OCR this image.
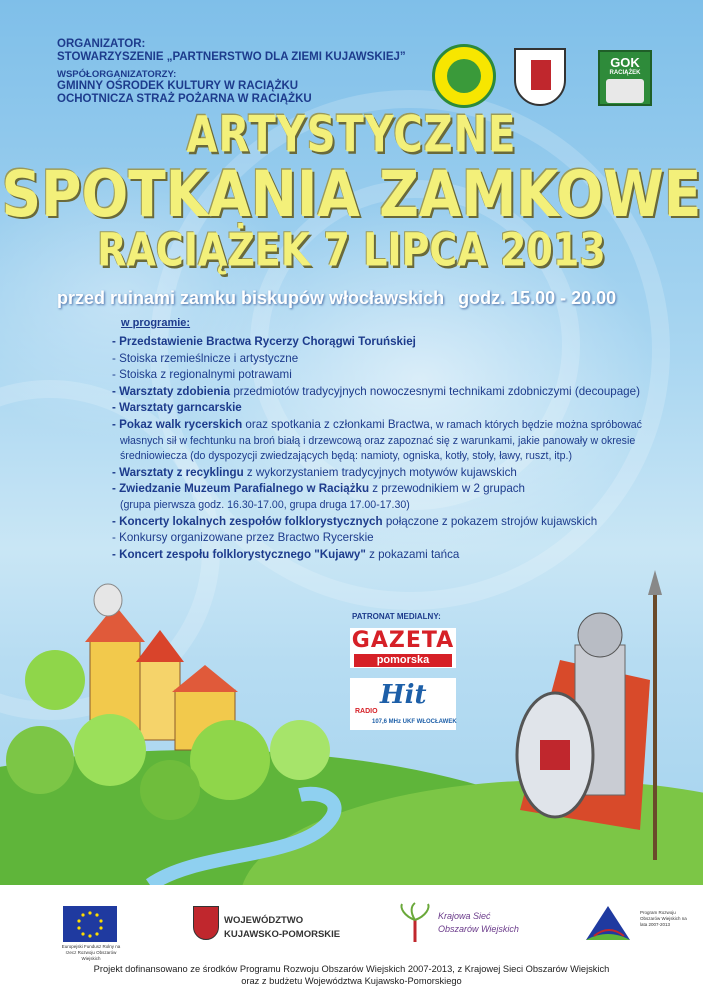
ORGANIZATOR:
STOWARZYSZENIE „PARTNERSTWO DLA ZIEMI KUJAWSKIEJ”
WSPÓŁORGANIZATORZY:
GMINNY OŚRODEK KULTURY W RACIĄŻKU
OCHOTNICZA STRAŻ POŻARNA W RACIĄŻKU
GOK
RACIĄŻEK
ARTYSTYCZNE
SPOTKANIA ZAMKOWE
RACIĄŻEK 7 LIPCA 2013
przed ruinami zamku biskupów włocławskich godz. 15.00 - 20.00
w programie:
- Przedstawienie Bractwa Rycerzy Chorągwi Toruńskiej
- Stoiska rzemieślnicze i artystyczne
- Stoiska z regionalnymi potrawami
- Warsztaty zdobienia przedmiotów tradycyjnych nowoczesnymi technikami zdobniczymi (decoupage)
- Warsztaty garncarskie
- Pokaz walk rycerskich oraz spotkania z członkami Bractwa, w ramach których będzie można spróbować
własnych sił w fechtunku na broń białą i drzewcową oraz zapoznać się z warunkami, jakie panowały w okresie
średniowiecza (do dyspozycji zwiedzających będą: namioty, ogniska, kotły, stoły, ławy, ruszt, itp.)
- Warsztaty z recyklingu z wykorzystaniem tradycyjnych motywów kujawskich
- Zwiedzanie Muzeum Parafialnego w Raciążku z przewodnikiem w 2 grupach
(grupa pierwsza godz. 16.30-17.00, grupa druga 17.00-17.30)
- Koncerty lokalnych zespołów folklorystycznych połączone z pokazem strojów kujawskich
- Konkursy organizowane przez Bractwo Rycerskie
- Koncert zespołu folklorystycznego "Kujawy" z pokazami tańca
PATRONAT MEDIALNY:
GAZETA
pomorska
RADIO
Hit
107,6 MHz UKF WŁOCŁAWEK
Europejski Fundusz Rolny na rzecz Rozwoju Obszarów Wiejskich
WOJEWÓDZTWO
KUJAWSKO-POMORSKIE
Krajowa Sieć
Obszarów Wiejskich
Program Rozwoju Obszarów Wiejskich na lata 2007-2013
Projekt dofinansowano ze środków Programu Rozwoju Obszarów Wiejskich 2007-2013, z Krajowej Sieci Obszarów Wiejskich
oraz z budżetu Województwa Kujawsko-Pomorskiego
